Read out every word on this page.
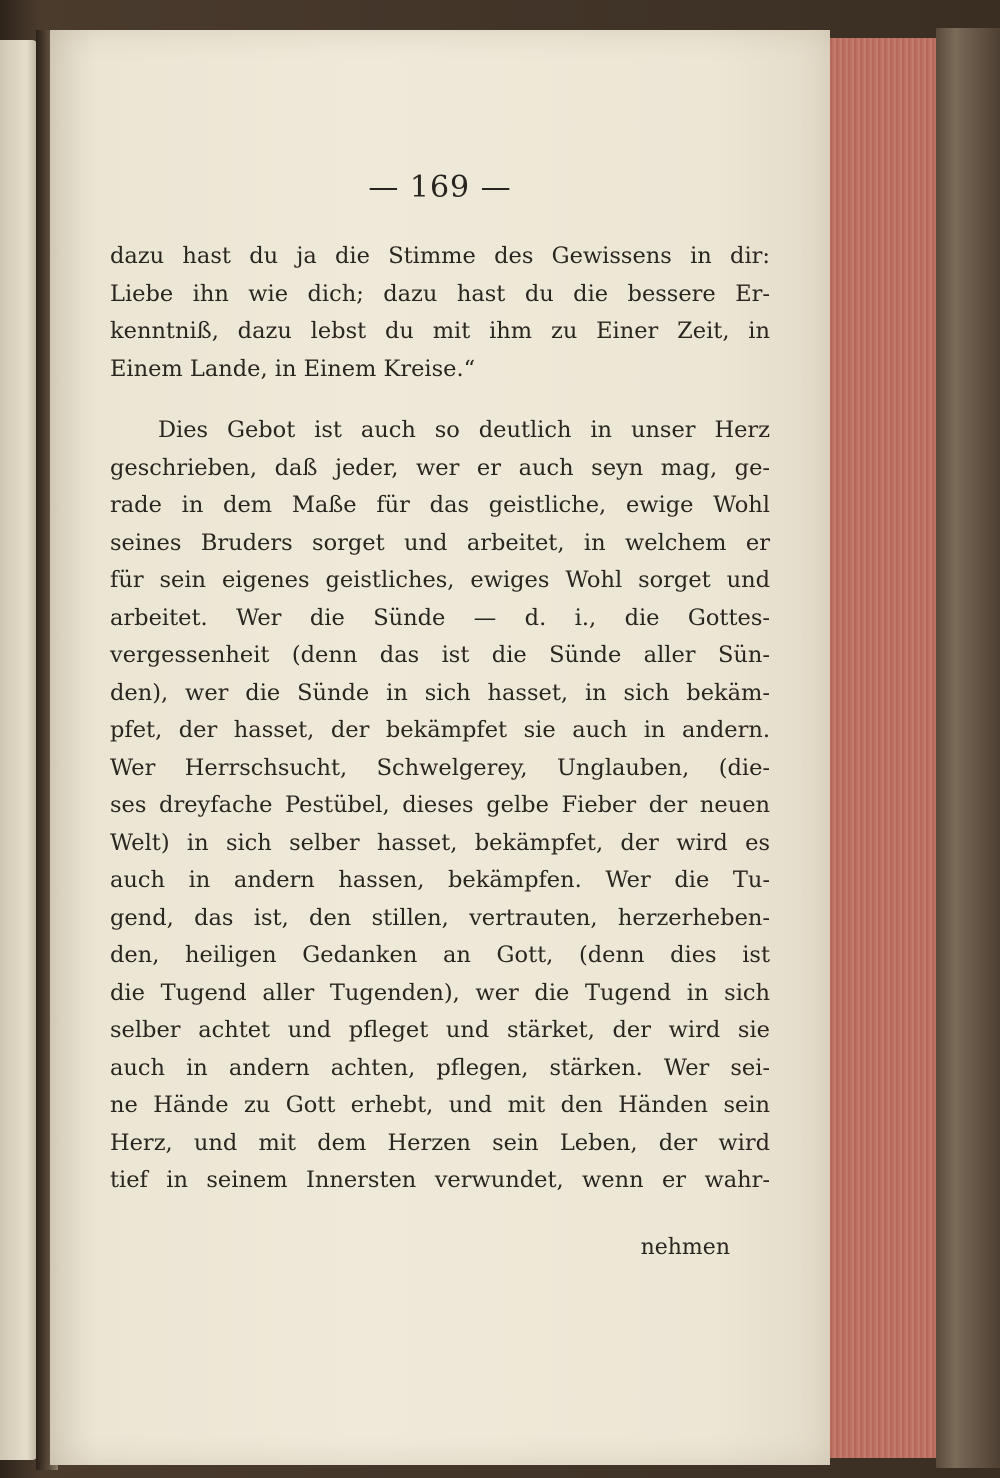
— 169 —
dazu hast du ja die Stimme des Gewissens in dir:
Liebe ihn wie dich; dazu hast du die bessere Er-
kenntniß, dazu lebst du mit ihm zu Einer Zeit, in
Einem Lande, in Einem Kreise.“
Dies Gebot ist auch so deutlich in unser Herz
geschrieben, daß jeder, wer er auch seyn mag, ge-
rade in dem Maße für das geistliche, ewige Wohl
seines Bruders sorget und arbeitet, in welchem er
für sein eigenes geistliches, ewiges Wohl sorget und
arbeitet. Wer die Sünde — d. i., die Gottes-
vergessenheit (denn das ist die Sünde aller Sün-
den), wer die Sünde in sich hasset, in sich bekäm-
pfet, der hasset, der bekämpfet sie auch in andern.
Wer Herrschsucht, Schwelgerey, Unglauben, (die-
ses dreyfache Pestübel, dieses gelbe Fieber der neuen
Welt) in sich selber hasset, bekämpfet, der wird es
auch in andern hassen, bekämpfen. Wer die Tu-
gend, das ist, den stillen, vertrauten, herzerheben-
den, heiligen Gedanken an Gott, (denn dies ist
die Tugend aller Tugenden), wer die Tugend in sich
selber achtet und pfleget und stärket, der wird sie
auch in andern achten, pflegen, stärken. Wer sei-
ne Hände zu Gott erhebt, und mit den Händen sein
Herz, und mit dem Herzen sein Leben, der wird
tief in seinem Innersten verwundet, wenn er wahr-
nehmen
